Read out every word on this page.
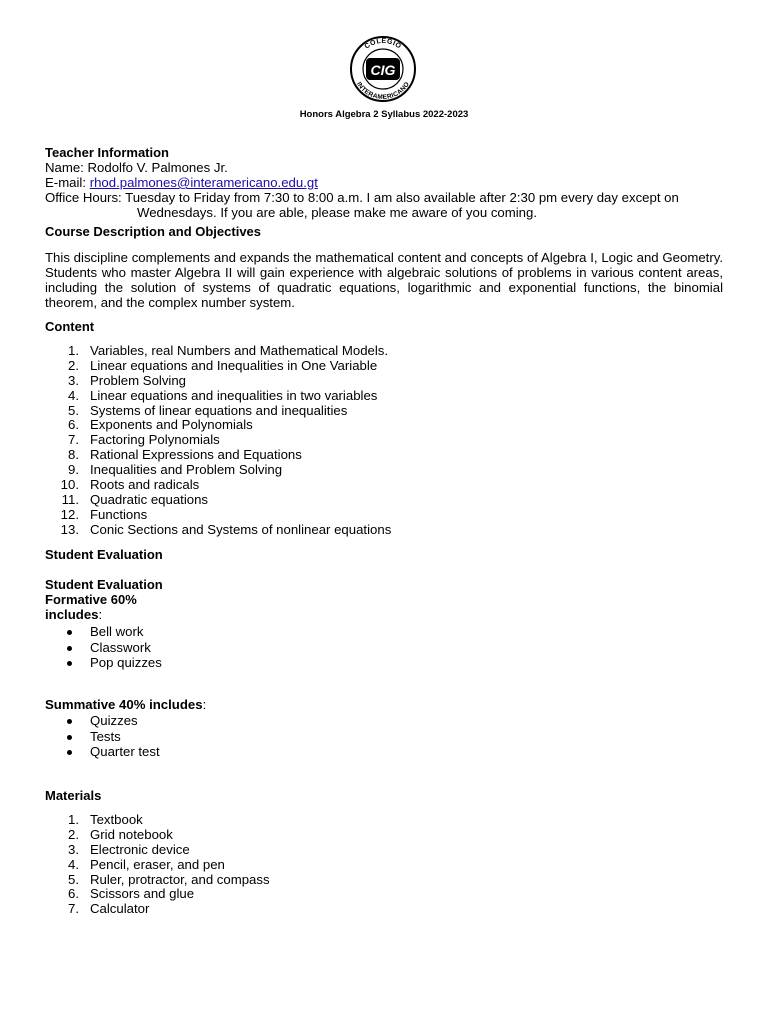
COLEGIO
INTERAMERICANO
CIG
Honors Algebra 2 Syllabus 2022-2023

Teacher Information

Name: Rodolfo V. Palmones Jr.

E-mail: rhod.palmones@interamericano.edu.gt

Office Hours: Tuesday to Friday from 7:30 to 8:00 a.m. I am also available after 2:30 pm every day except on

Wednesdays. If you are able, please make me aware of you coming.

Course Description and Objectives

This discipline complements and expands the mathematical content and concepts of Algebra I, Logic and Geometry. Students who master Algebra II will gain experience with algebraic solutions of problems in various content areas, including the solution of systems of quadratic equations, logarithmic and exponential functions, the binomial theorem, and the complex number system.

Content

1. Variables, real Numbers and Mathematical Models.
2. Linear equations and Inequalities in One Variable
3. Problem Solving
4. Linear equations and inequalities in two variables
5. Systems of linear equations and inequalities
6. Exponents and Polynomials
7. Factoring Polynomials
8. Rational Expressions and Equations
9. Inequalities and Problem Solving
10. Roots and radicals
11. Quadratic equations
12. Functions
13. Conic Sections and Systems of nonlinear equations

Student Evaluation

Student Evaluation

Formative 60%

includes:

Bell work
Classwork
Pop quizzes

Summative 40% includes:

Quizzes
Tests
Quarter test

Materials

1. Textbook
2. Grid notebook
3. Electronic device
4. Pencil, eraser, and pen
5. Ruler, protractor, and compass
6. Scissors and glue
7. Calculator
